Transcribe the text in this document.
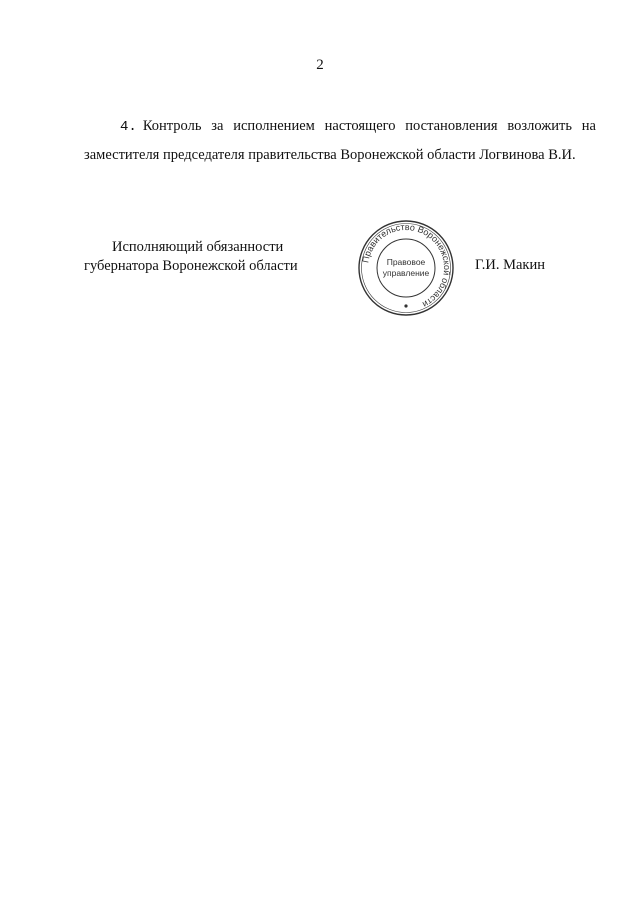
2
4. Контроль за исполнением настоящего постановления возложить на заместителя председателя правительства Воронежской области Логвинова В.И.
Исполняющий обязанности
губернатора Воронежской области	Правительство Воронежской области
Правовое
управление	Г.И. Макин
